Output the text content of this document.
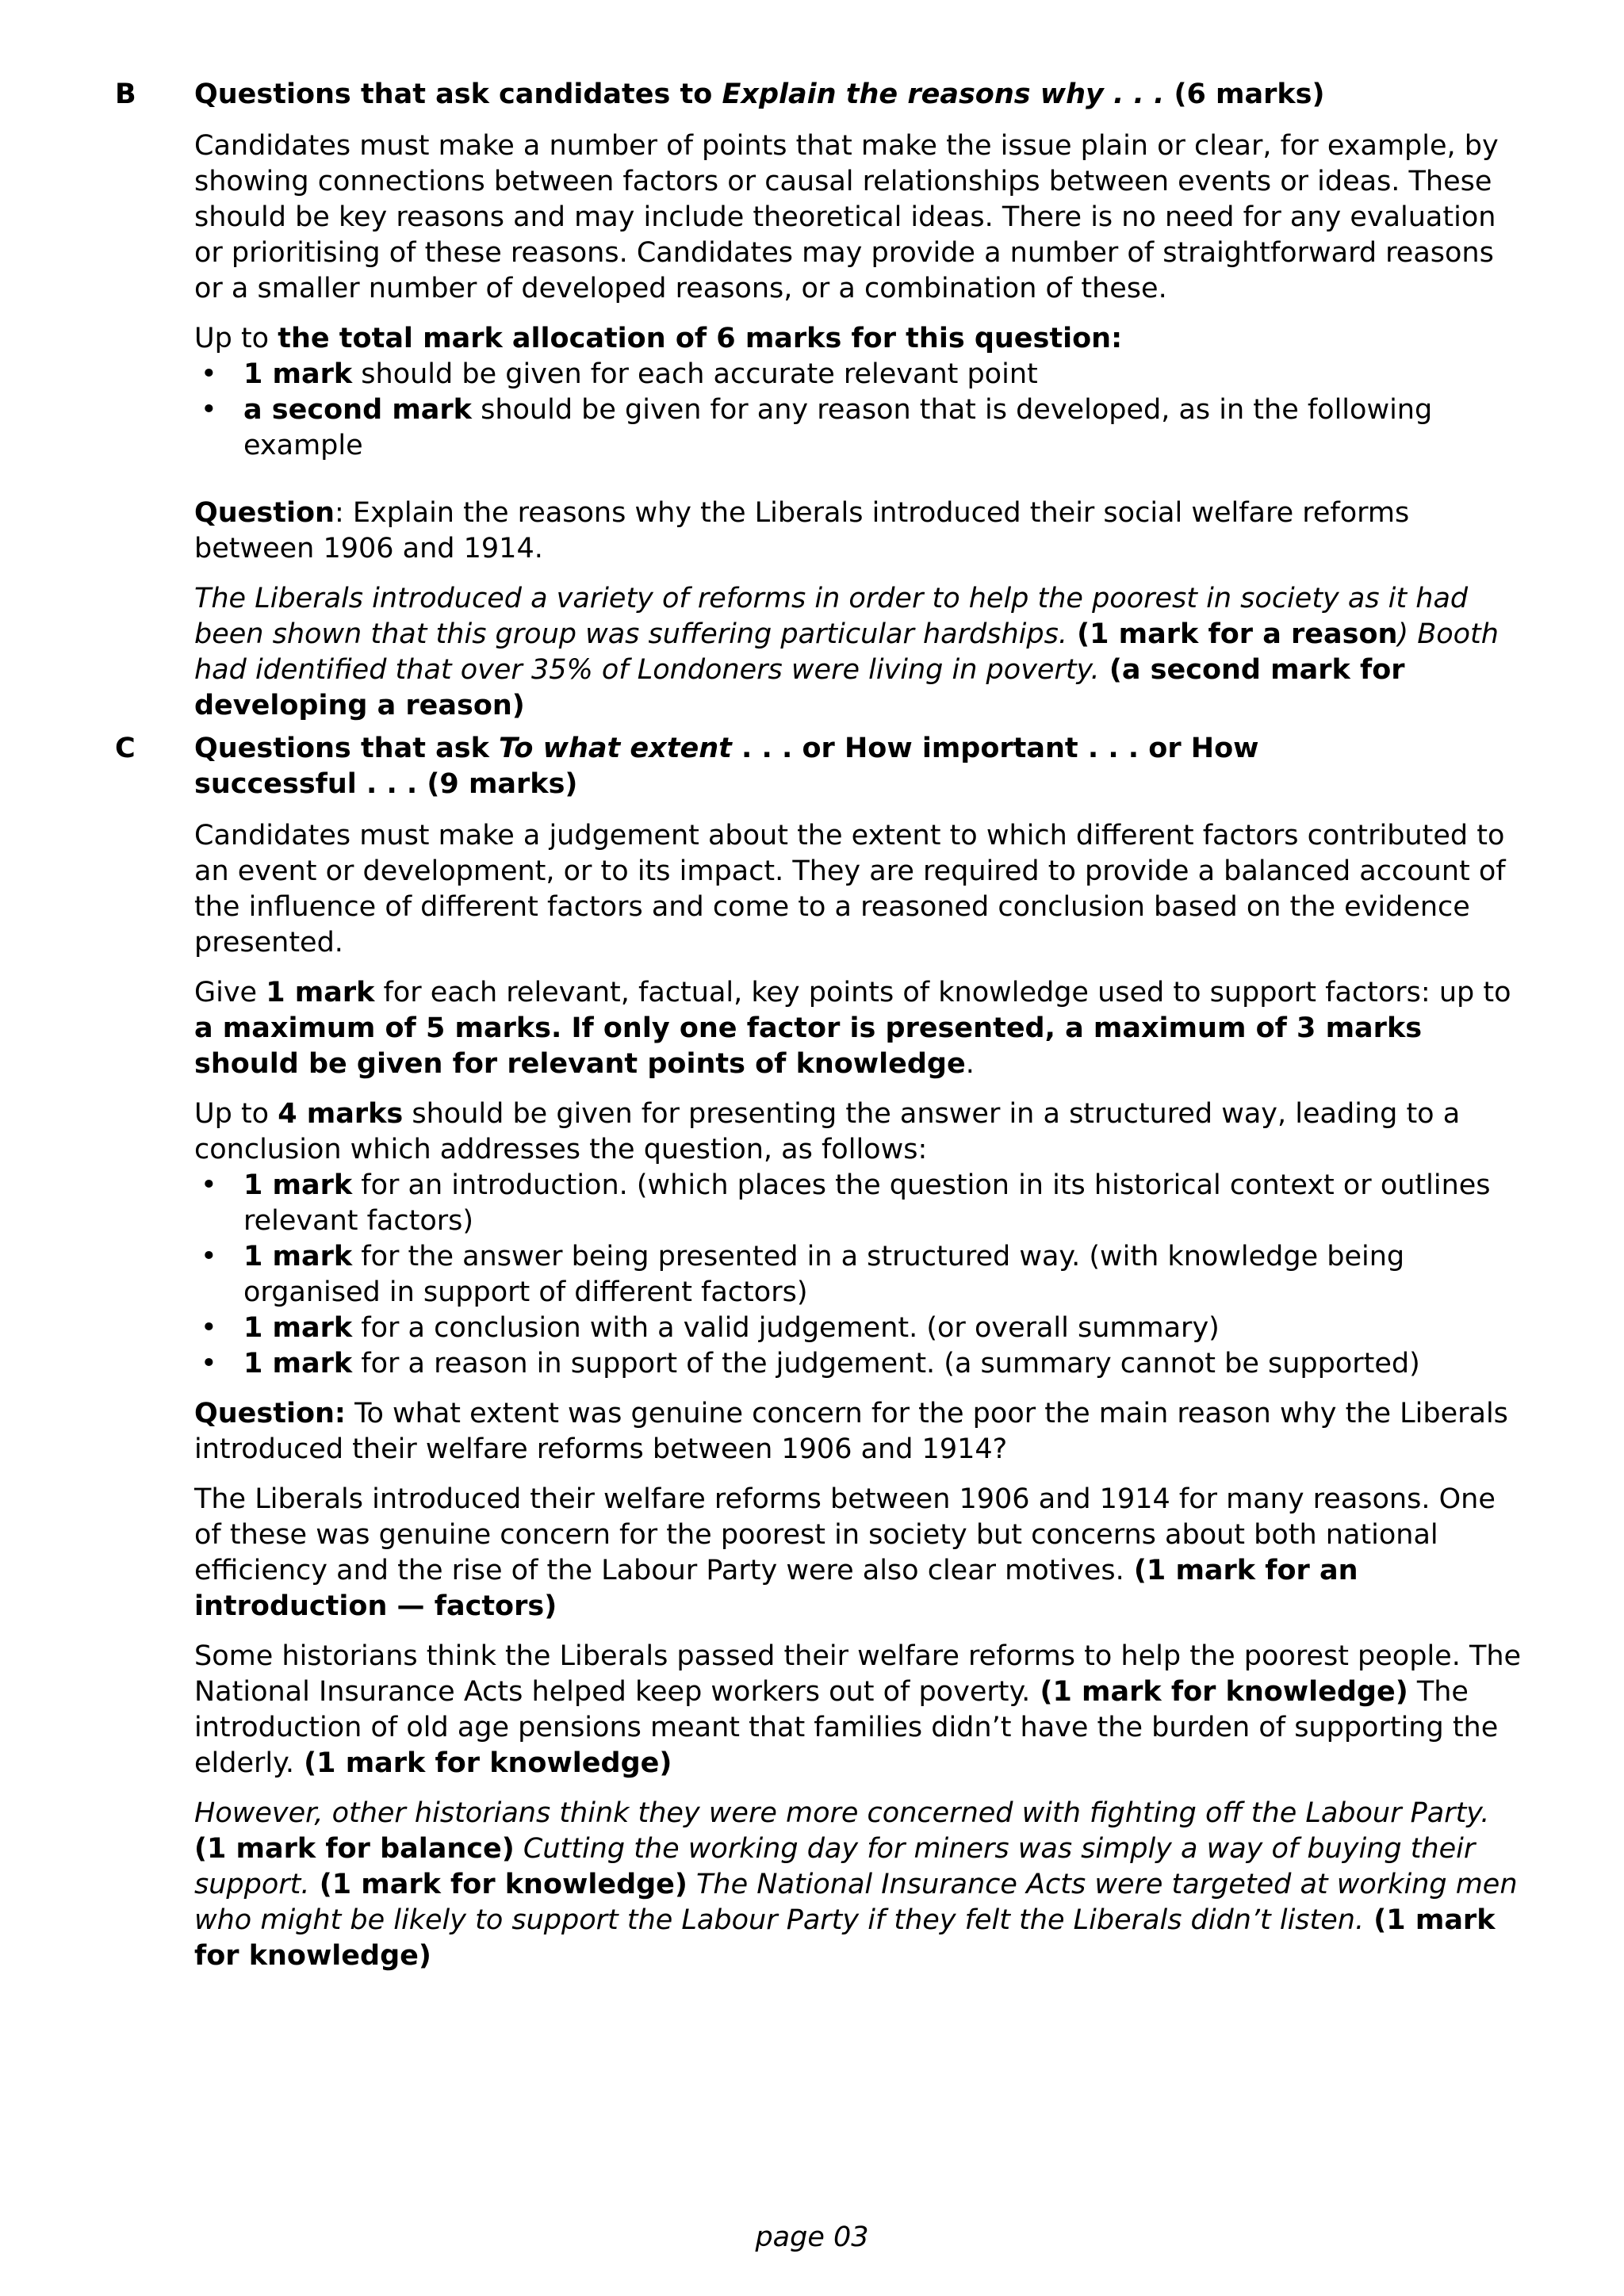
B Questions that ask candidates to Explain the reasons why . . . (6 marks)

Candidates must make a number of points that make the issue plain or clear, for example, by showing connections between factors or causal relationships between events or ideas. These should be key reasons and may include theoretical ideas. There is no need for any evaluation or prioritising of these reasons. Candidates may provide a number of straightforward reasons or a smaller number of developed reasons, or a combination of these.

Up to the total mark allocation of 6 marks for this question:

• 1 mark should be given for each accurate relevant point
• a second mark should be given for any reason that is developed, as in the following example

Question: Explain the reasons why the Liberals introduced their social welfare reforms between 1906 and 1914.

The Liberals introduced a variety of reforms in order to help the poorest in society as it had been shown that this group was suffering particular hardships. (1 mark for a reason) Booth had identified that over 35% of Londoners were living in poverty. (a second mark for developing a reason)

C Questions that ask To what extent . . . or How important . . . or How successful . . . (9 marks)

Candidates must make a judgement about the extent to which different factors contributed to an event or development, or to its impact. They are required to provide a balanced account of the influence of different factors and come to a reasoned conclusion based on the evidence presented.

Give 1 mark for each relevant, factual, key points of knowledge used to support factors: up to a maximum of 5 marks. If only one factor is presented, a maximum of 3 marks should be given for relevant points of knowledge.

Up to 4 marks should be given for presenting the answer in a structured way, leading to a conclusion which addresses the question, as follows:

• 1 mark for an introduction. (which places the question in its historical context or outlines relevant factors)
• 1 mark for the answer being presented in a structured way. (with knowledge being organised in support of different factors)
• 1 mark for a conclusion with a valid judgement. (or overall summary)
• 1 mark for a reason in support of the judgement. (a summary cannot be supported)

Question: To what extent was genuine concern for the poor the main reason why the Liberals introduced their welfare reforms between 1906 and 1914?

The Liberals introduced their welfare reforms between 1906 and 1914 for many reasons. One of these was genuine concern for the poorest in society but concerns about both national efficiency and the rise of the Labour Party were also clear motives. (1 mark for an introduction — factors)

Some historians think the Liberals passed their welfare reforms to help the poorest people. The National Insurance Acts helped keep workers out of poverty. (1 mark for knowledge) The introduction of old age pensions meant that families didn’t have the burden of supporting the elderly. (1 mark for knowledge)

However, other historians think they were more concerned with fighting off the Labour Party. (1 mark for balance) Cutting the working day for miners was simply a way of buying their support. (1 mark for knowledge) The National Insurance Acts were targeted at working men who might be likely to support the Labour Party if they felt the Liberals didn’t listen. (1 mark for knowledge)

page 03
